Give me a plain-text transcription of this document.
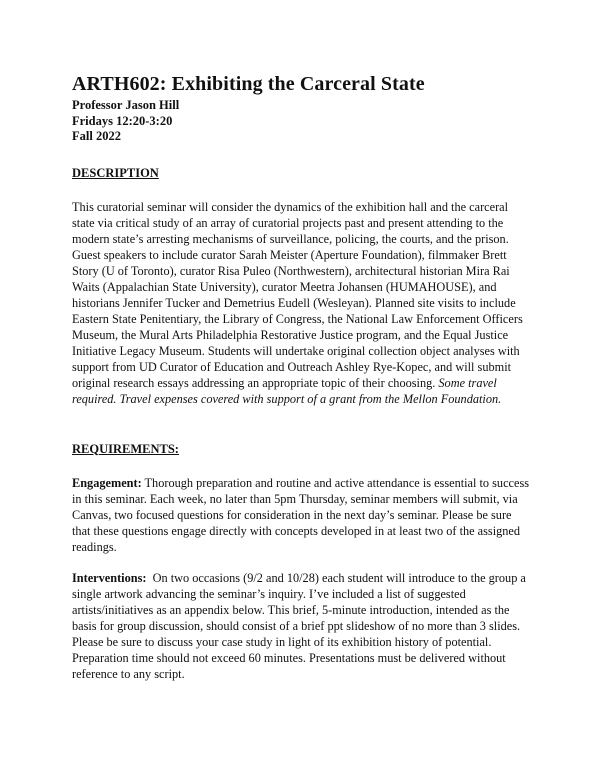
ARTH602: Exhibiting the Carceral State

Professor Jason Hill

Fridays 12:20-3:20

Fall 2022

DESCRIPTION

This curatorial seminar will consider the dynamics of the exhibition hall and the carceral state via critical study of an array of curatorial projects past and present attending to the modern state’s arresting mechanisms of surveillance, policing, the courts, and the prison. Guest speakers to include curator Sarah Meister (Aperture Foundation), filmmaker Brett Story (U of Toronto), curator Risa Puleo (Northwestern), architectural historian Mira Rai Waits (Appalachian State University), curator Meetra Johansen (HUMAHOUSE), and historians Jennifer Tucker and Demetrius Eudell (Wesleyan). Planned site visits to include Eastern State Penitentiary, the Library of Congress, the National Law Enforcement Officers Museum, the Mural Arts Philadelphia Restorative Justice program, and the Equal Justice Initiative Legacy Museum. Students will undertake original collection object analyses with support from UD Curator of Education and Outreach Ashley Rye-Kopec, and will submit original research essays addressing an appropriate topic of their choosing. Some travel required. Travel expenses covered with support of a grant from the Mellon Foundation.

REQUIREMENTS:

Engagement: Thorough preparation and routine and active attendance is essential to success in this seminar. Each week, no later than 5pm Thursday, seminar members will submit, via Canvas, two focused questions for consideration in the next day’s seminar. Please be sure that these questions engage directly with concepts developed in at least two of the assigned readings.

Interventions: On two occasions (9/2 and 10/28) each student will introduce to the group a single artwork advancing the seminar’s inquiry. I’ve included a list of suggested artists/initiatives as an appendix below. This brief, 5-minute introduction, intended as the basis for group discussion, should consist of a brief ppt slideshow of no more than 3 slides. Please be sure to discuss your case study in light of its exhibition history of potential. Preparation time should not exceed 60 minutes. Presentations must be delivered without reference to any script.
